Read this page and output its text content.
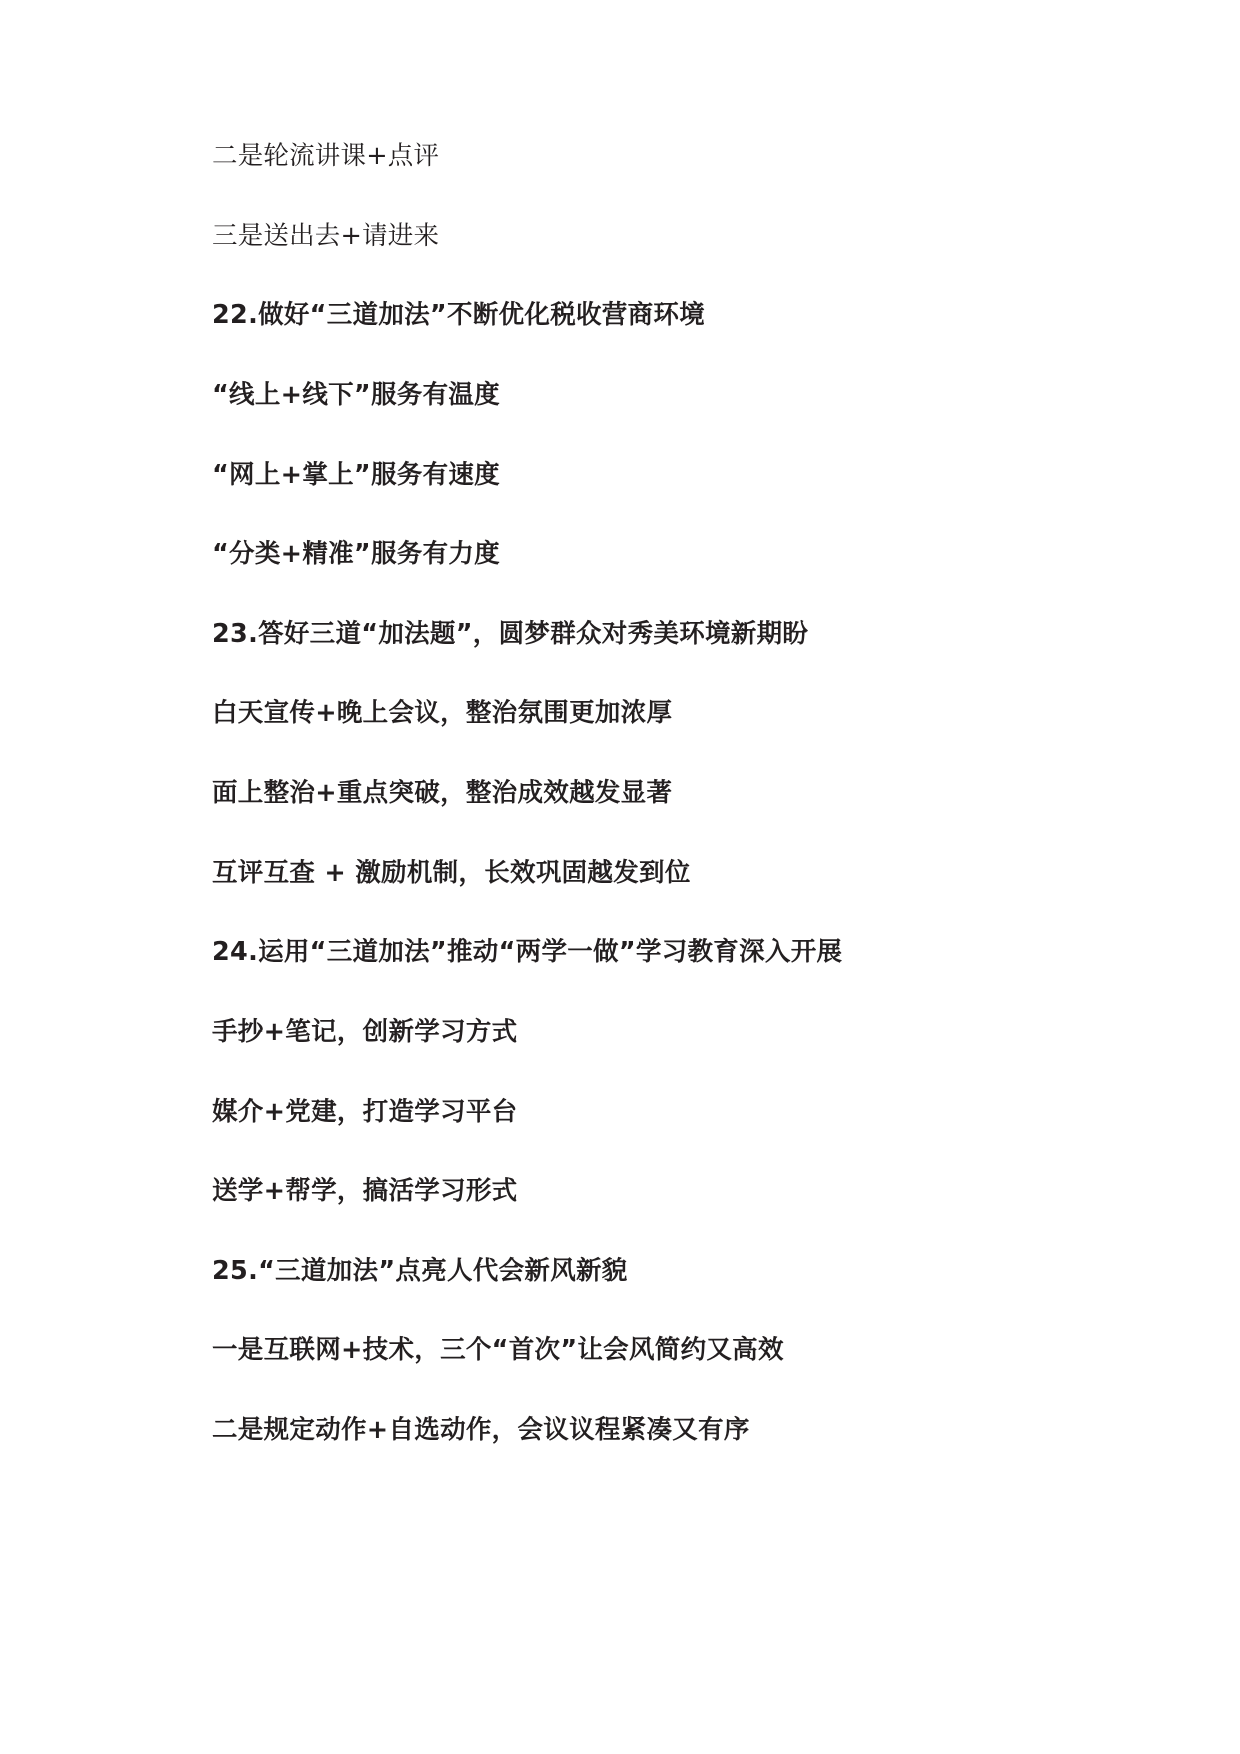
二是轮流讲课+点评

三是送出去+请进来

22.做好“三道加法”不断优化税收营商环境

“线上+线下”服务有温度

“网上+掌上”服务有速度

“分类+精准”服务有力度

23.答好三道“加法题”，圆梦群众对秀美环境新期盼

白天宣传+晚上会议，整治氛围更加浓厚

面上整治+重点突破，整治成效越发显著

互评互查 + 激励机制，长效巩固越发到位

24.运用“三道加法”推动“两学一做”学习教育深入开展

手抄+笔记，创新学习方式

媒介+党建，打造学习平台

送学+帮学，搞活学习形式

25.“三道加法”点亮人代会新风新貌

一是互联网+技术，三个“首次”让会风简约又高效

二是规定动作+自选动作，会议议程紧凑又有序
